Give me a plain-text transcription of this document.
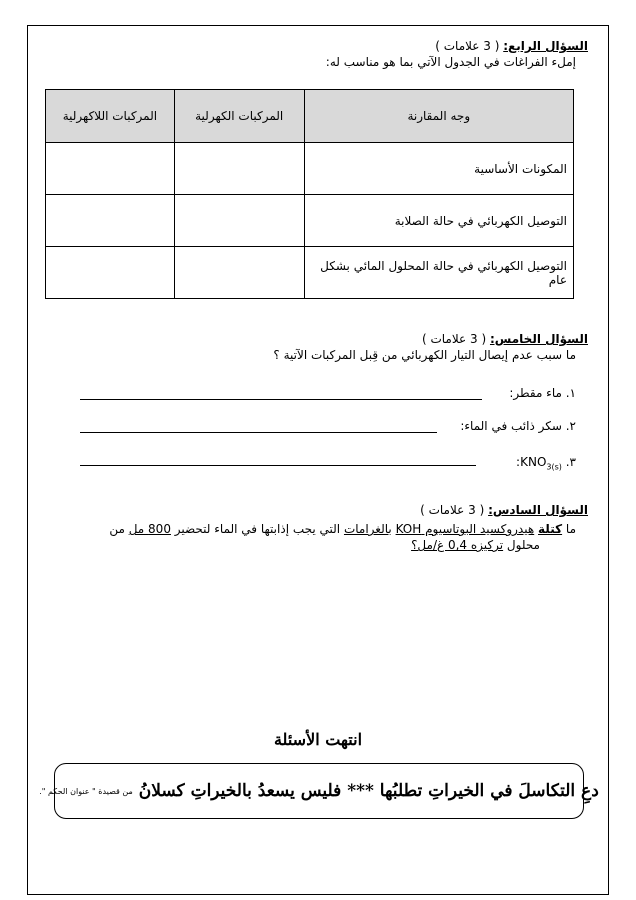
السؤال الرابع: ( 3 علامات )
إملء الفراغات في الجدول الآتي بما هو مناسب له:
وجه المقارنة	المركبات الكهرلية	المركبات اللاكهرلية
المكونات الأساسية		
التوصيل الكهربائي في حالة الصلابة		
التوصيل الكهربائي في حالة المحلول المائي بشكل عام		
السؤال الخامس: ( 3 علامات )
ما سبب عدم إيصال التيار الكهربائي من قِبل المركبات الآتية ؟
١. ماء مقطر:
٢. سكر ذائب في الماء:
٣. $:KNO_{3(s)}$
السؤال السادس: ( 3 علامات )
ما كتلة هيدروكسيد البوتاسيوم KOH بالغرامات التي يجب إذابتها في الماء لتحضير 800 مل من
محلول تركيزه 0,4 غ/مل؟
انتهت الأسئلة
دعِ التكاسلَ في الخيراتِ تطلبُها *** فليس يسعدُ بالخيراتِ كسلانُ
من قصيدة " عنوان الحكم ".
